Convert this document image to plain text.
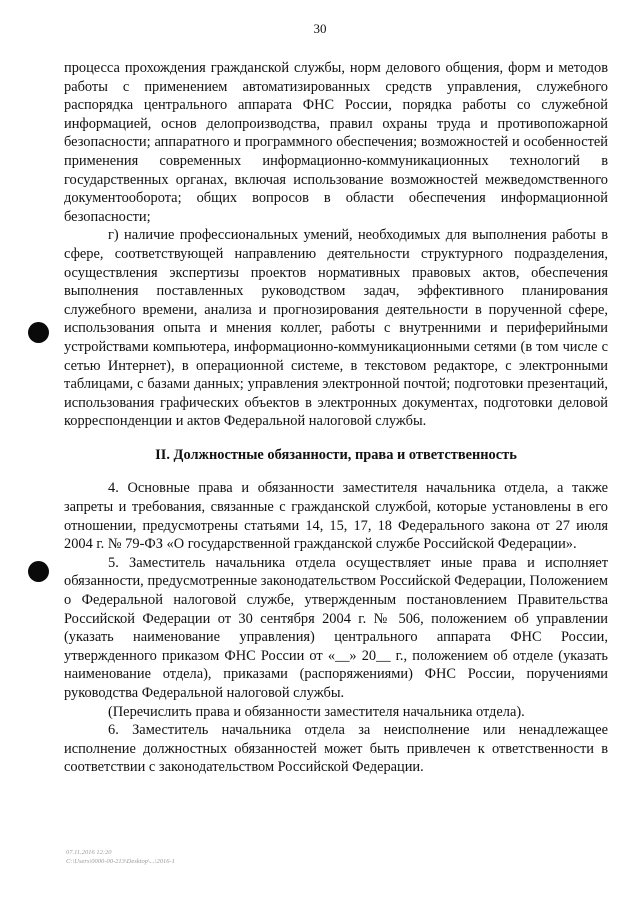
30

процесса прохождения гражданской службы, норм делового общения, форм и методов работы с применением автоматизированных средств управления, служебного распорядка центрального аппарата ФНС России, порядка работы со служебной информацией, основ делопроизводства, правил охраны труда и противопожарной безопасности; аппаратного и программного обеспечения; возможностей и особенностей применения современных информационно-коммуникационных технологий в государственных органах, включая использование возможностей межведомственного документооборота; общих вопросов в области обеспечения информационной безопасности;

г) наличие профессиональных умений, необходимых для выполнения работы в сфере, соответствующей направлению деятельности структурного подразделения, осуществления экспертизы проектов нормативных правовых актов, обеспечения выполнения поставленных руководством задач, эффективного планирования служебного времени, анализа и прогнозирования деятельности в порученной сфере, использования опыта и мнения коллег, работы с внутренними и периферийными устройствами компьютера, информационно-коммуникационными сетями (в том числе с сетью Интернет), в операционной системе, в текстовом редакторе, с электронными таблицами, с базами данных; управления электронной почтой; подготовки презентаций, использования графических объектов в электронных документах, подготовки деловой корреспонденции и актов Федеральной налоговой службы.

II. Должностные обязанности, права и ответственность

4. Основные права и обязанности заместителя начальника отдела, а также запреты и требования, связанные с гражданской службой, которые установлены в его отношении, предусмотрены статьями 14, 15, 17, 18 Федерального закона от 27 июля 2004 г. № 79-ФЗ «О государственной гражданской службе Российской Федерации».

5. Заместитель начальника отдела осуществляет иные права и исполняет обязанности, предусмотренные законодательством Российской Федерации, Положением о Федеральной налоговой службе, утвержденным постановлением Правительства Российской Федерации от 30 сентября 2004 г. № 506, положением об управлении (указать наименование управления) центрального аппарата ФНС России, утвержденного приказом ФНС России от «__» 20__ г., положением об отделе (указать наименование отдела), приказами (распоряжениями) ФНС России, поручениями руководства Федеральной налоговой службы.

(Перечислить права и обязанности заместителя начальника отдела).

6. Заместитель начальника отдела за неисполнение или ненадлежащее исполнение должностных обязанностей может быть привлечен к ответственности в соответствии с законодательством Российской Федерации.

07.11.2016 12:20
C:\Users\0000-00-213\Desktop\...\2016-1
